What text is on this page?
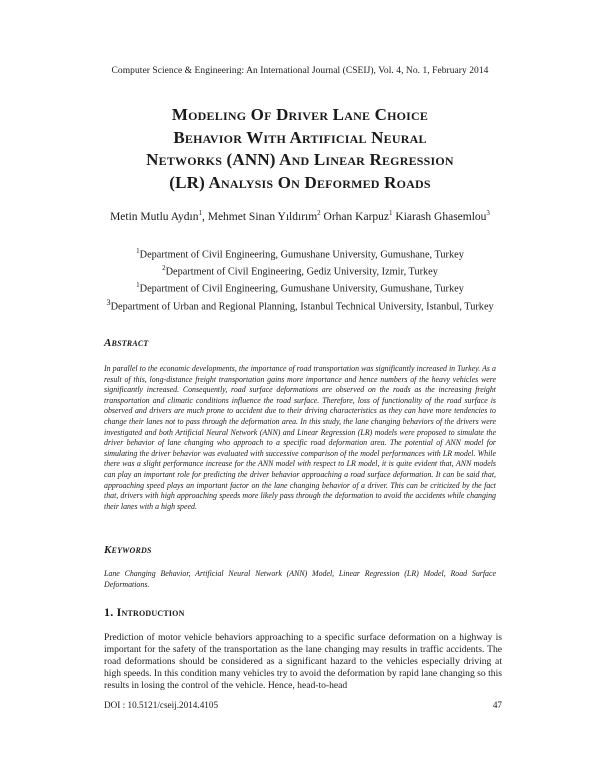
Computer Science & Engineering: An International Journal (CSEIJ), Vol. 4, No. 1, February 2014
Modeling Of Driver Lane Choice
Behavior With Artificial Neural
Networks (ANN) And Linear Regression
(LR) Analysis On Deformed Roads
Metin Mutlu Aydın$^1$, Mehmet Sinan Yıldırım$^2$ Orhan Karpuz$^1$ Kiarash Ghasemlou$^3$
$^1$Department of Civil Engineering, Gumushane University, Gumushane, Turkey
$^2$Department of Civil Engineering, Gediz University, Izmir, Turkey
$^1$Department of Civil Engineering, Gumushane University, Gumushane, Turkey
$^3$Department of Urban and Regional Planning, Istanbul Technical University, Istanbul, Turkey
Abstract
In parallel to the economic developments, the importance of road transportation was significantly increased in Turkey. As a result of this, long-distance freight transportation gains more importance and hence numbers of the heavy vehicles were significantly increased. Consequently, road surface deformations are observed on the roads as the increasing freight transportation and climatic conditions influence the road surface. Therefore, loss of functionality of the road surface is observed and drivers are much prone to accident due to their driving characteristics as they can have more tendencies to change their lanes not to pass through the deformation area. In this study, the lane changing behaviors of the drivers were investigated and both Artificial Neural Network (ANN) and Linear Regression (LR) models were proposed to simulate the driver behavior of lane changing who approach to a specific road deformation area. The potential of ANN model for simulating the driver behavior was evaluated with successive comparison of the model performances with LR model. While there was a slight performance increase for the ANN model with respect to LR model, it is quite evident that, ANN models can play an important role for predicting the driver behavior approaching a road surface deformation. It can be said that, approaching speed plays an important factor on the lane changing behavior of a driver. This can be criticized by the fact that, drivers with high approaching speeds more likely pass through the deformation to avoid the accidents while changing their lanes with a high speed.
Keywords
Lane Changing Behavior, Artificial Neural Network (ANN) Model, Linear Regression (LR) Model, Road Surface Deformations.
1. Introduction
Prediction of motor vehicle behaviors approaching to a specific surface deformation on a highway is important for the safety of the transportation as the lane changing may results in traffic accidents. The road deformations should be considered as a significant hazard to the vehicles especially driving at high speeds. In this condition many vehicles try to avoid the deformation by rapid lane changing so this results in losing the control of the vehicle. Hence, head-to-head
DOI : 10.5121/cseij.2014.4105	47
